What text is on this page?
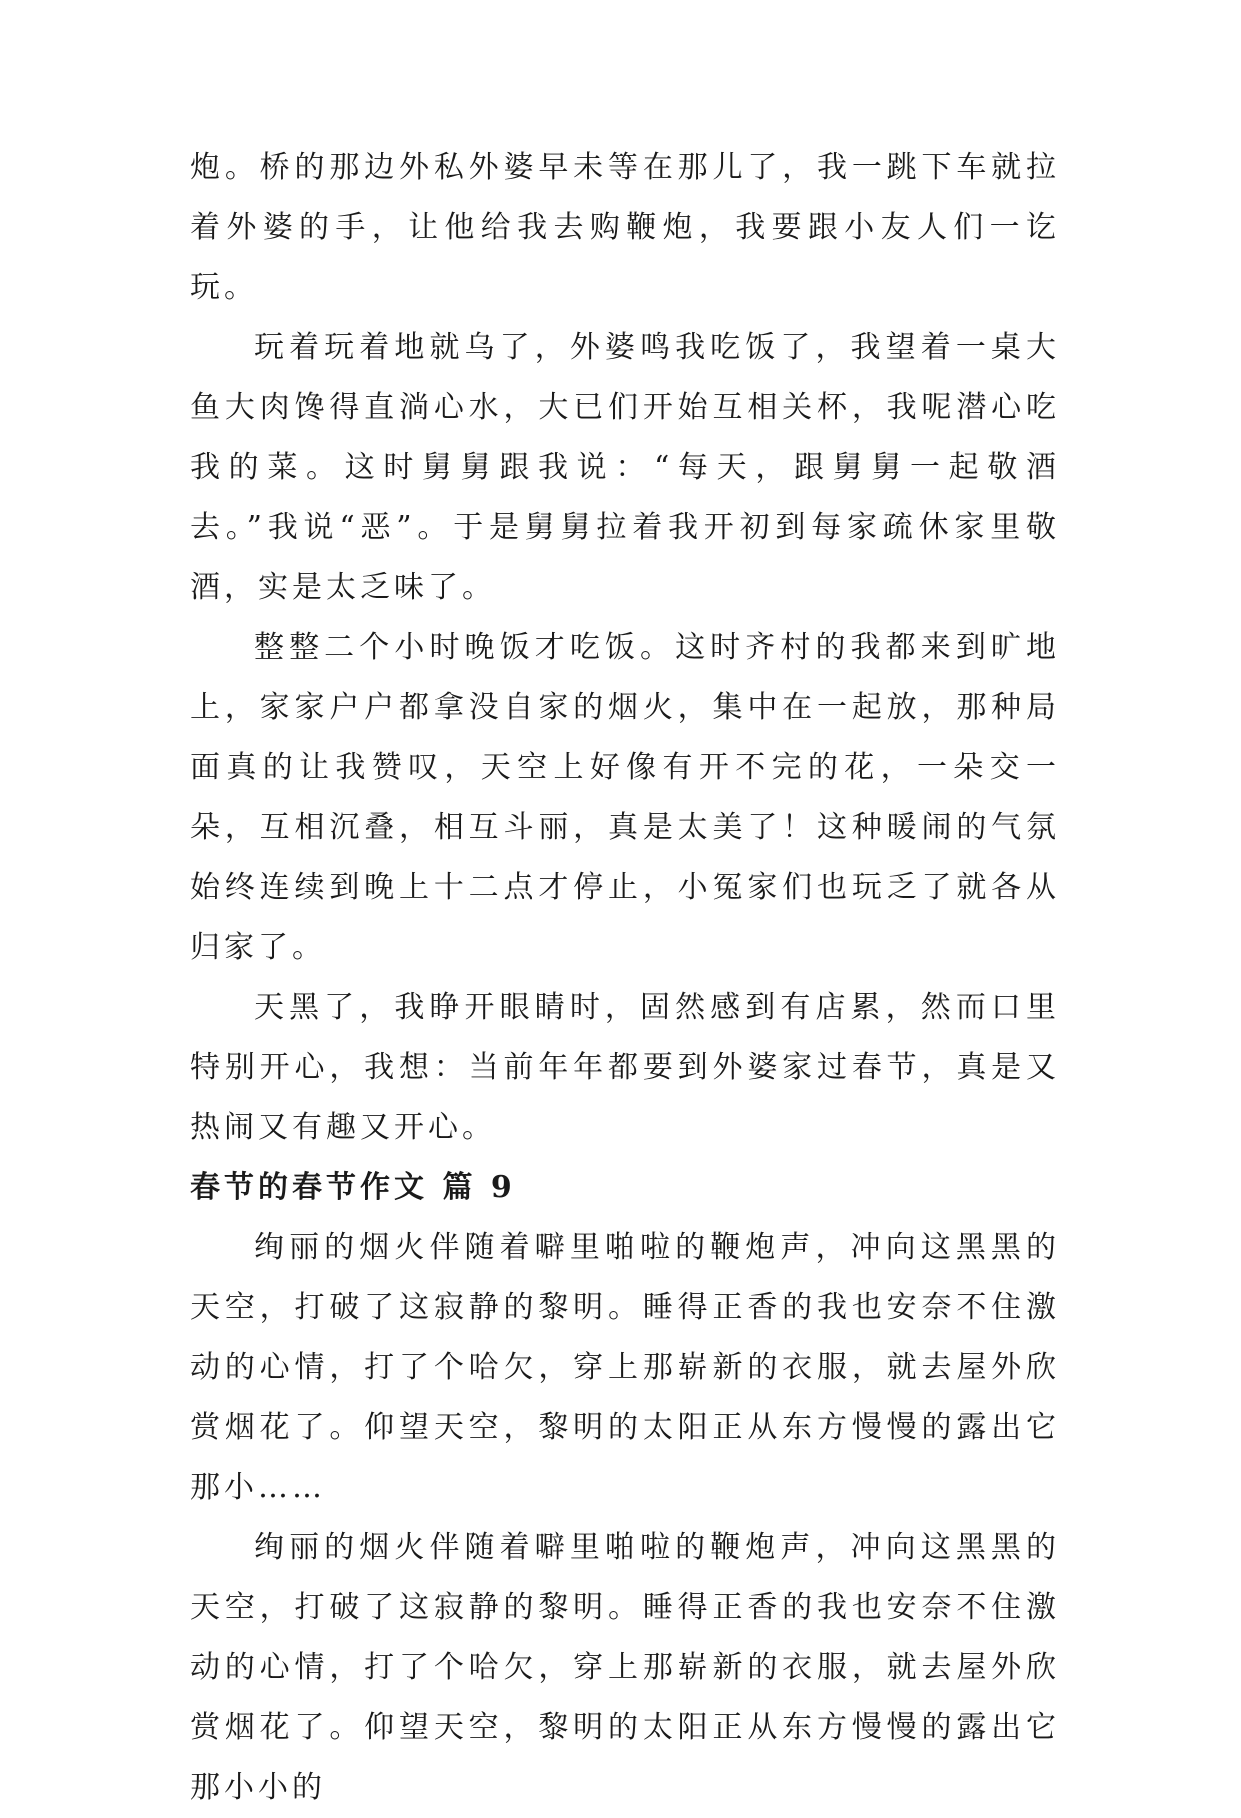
炮。桥的那边外私外婆早未等在那儿了，我一跳下车就拉着外婆的手，让他给我去购鞭炮，我要跟小友人们一讫玩。

玩着玩着地就乌了，外婆鸣我吃饭了，我望着一桌大鱼大肉馋得直淌心水，大已们开始互相关杯，我呢潜心吃我的菜。这时舅舅跟我说：“每天，跟舅舅一起敬酒去。”我说“恶”。于是舅舅拉着我开初到每家疏休家里敬酒，实是太乏味了。

整整二个小时晚饭才吃饭。这时齐村的我都来到旷地上，家家户户都拿没自家的烟火，集中在一起放，那种局面真的让我赞叹，天空上好像有开不完的花，一朵交一朵，互相沉叠，相互斗丽，真是太美了！这种暖闹的气氛始终连续到晚上十二点才停止，小冤家们也玩乏了就各从归家了。

天黑了，我睁开眼睛时，固然感到有店累，然而口里特别开心，我想：当前年年都要到外婆家过春节，真是又热闹又有趣又开心。

春节的春节作文 篇 9

绚丽的烟火伴随着噼里啪啦的鞭炮声，冲向这黑黑的天空，打破了这寂静的黎明。睡得正香的我也安奈不住激动的心情，打了个哈欠，穿上那崭新的衣服，就去屋外欣赏烟花了。仰望天空，黎明的太阳正从东方慢慢的露出它那小……

绚丽的烟火伴随着噼里啪啦的鞭炮声，冲向这黑黑的天空，打破了这寂静的黎明。睡得正香的我也安奈不住激动的心情，打了个哈欠，穿上那崭新的衣服，就去屋外欣赏烟花了。仰望天空，黎明的太阳正从东方慢慢的露出它那小小的
